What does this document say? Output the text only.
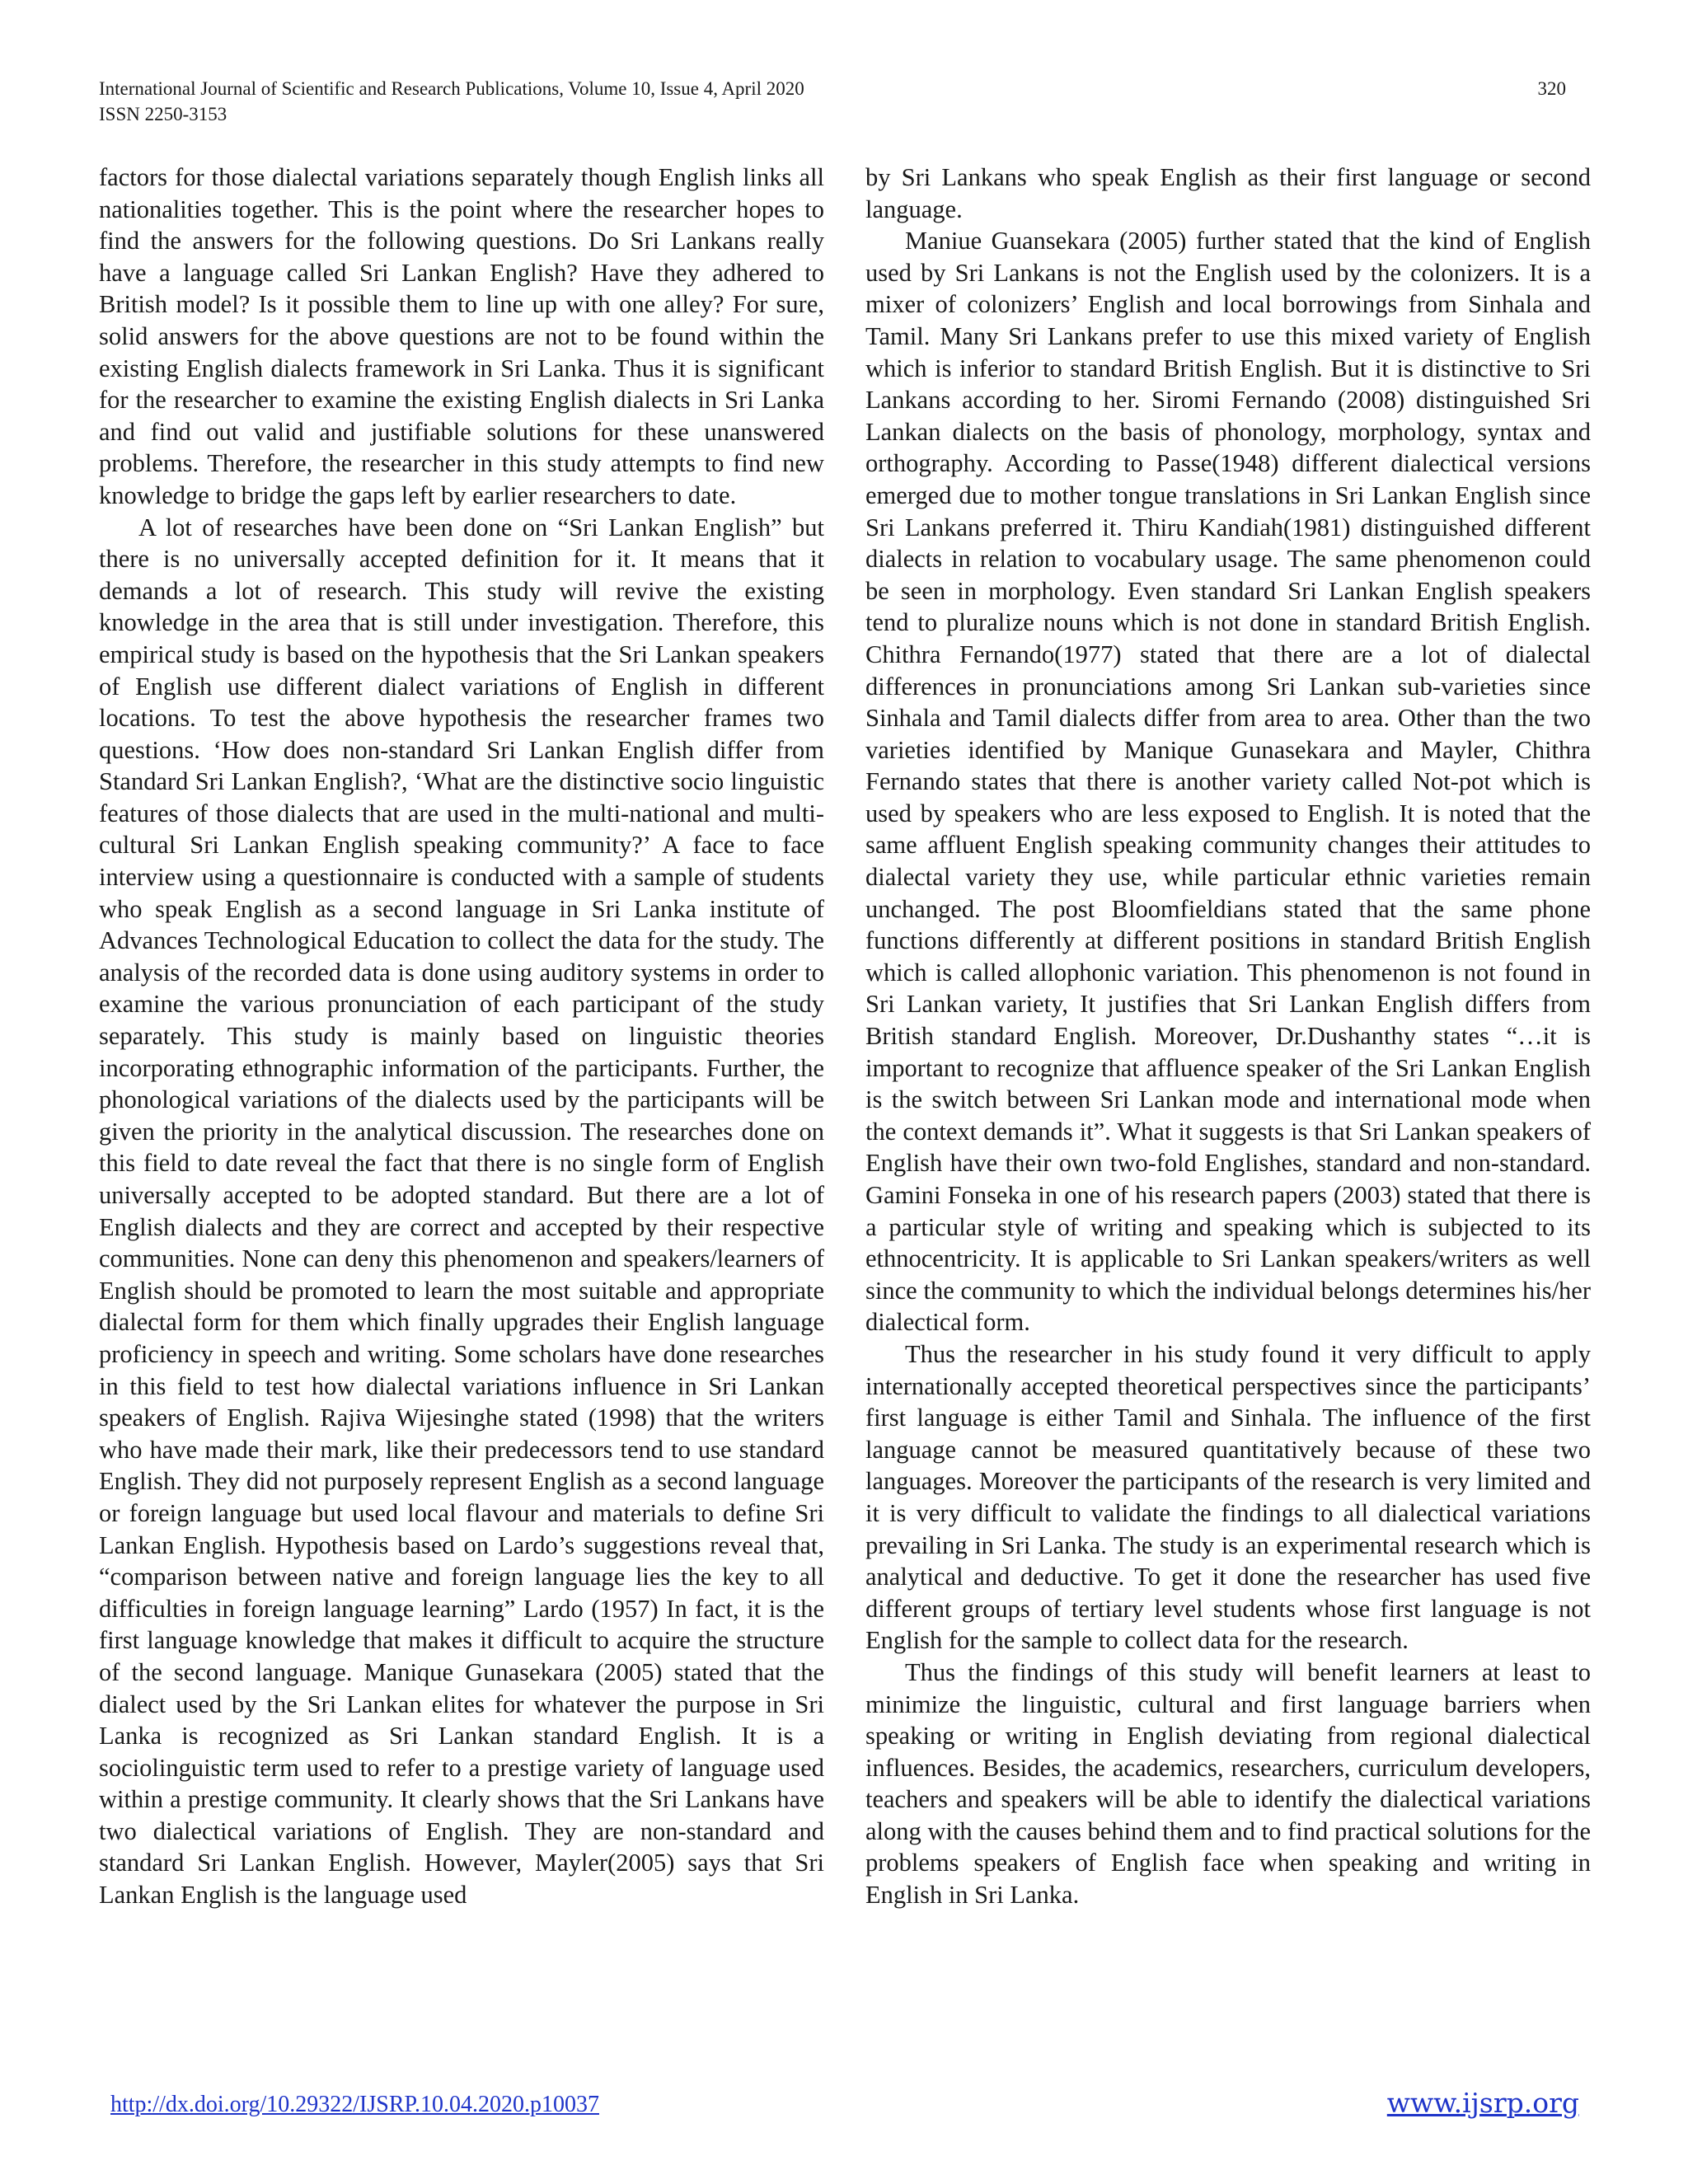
International Journal of Scientific and Research Publications, Volume 10, Issue 4, April 2020
ISSN 2250-3153
320

factors for those dialectal variations separately though English links all nationalities together. This is the point where the researcher hopes to find the answers for the following questions. Do Sri Lankans really have a language called Sri Lankan English? Have they adhered to British model? Is it possible them to line up with one alley? For sure, solid answers for the above questions are not to be found within the existing English dialects framework in Sri Lanka. Thus it is significant for the researcher to examine the existing English dialects in Sri Lanka and find out valid and justifiable solutions for these unanswered problems. Therefore, the researcher in this study attempts to find new knowledge to bridge the gaps left by earlier researchers to date.

A lot of researches have been done on “Sri Lankan English” but there is no universally accepted definition for it. It means that it demands a lot of research. This study will revive the existing knowledge in the area that is still under investigation. Therefore, this empirical study is based on the hypothesis that the Sri Lankan speakers of English use different dialect variations of English in different locations. To test the above hypothesis the researcher frames two questions. ‘How does non-standard Sri Lankan English differ from Standard Sri Lankan English?, ‘What are the distinctive socio linguistic features of those dialects that are used in the multi-national and multi-cultural Sri Lankan English speaking community?’ A face to face interview using a questionnaire is conducted with a sample of students who speak English as a second language in Sri Lanka institute of Advances Technological Education to collect the data for the study. The analysis of the recorded data is done using auditory systems in order to examine the various pronunciation of each participant of the study separately. This study is mainly based on linguistic theories incorporating ethnographic information of the participants. Further, the phonological variations of the dialects used by the participants will be given the priority in the analytical discussion. The researches done on this field to date reveal the fact that there is no single form of English universally accepted to be adopted standard. But there are a lot of English dialects and they are correct and accepted by their respective communities. None can deny this phenomenon and speakers/learners of English should be promoted to learn the most suitable and appropriate dialectal form for them which finally upgrades their English language proficiency in speech and writing. Some scholars have done researches in this field to test how dialectal variations influence in Sri Lankan speakers of English. Rajiva Wijesinghe stated (1998) that the writers who have made their mark, like their predecessors tend to use standard English. They did not purposely represent English as a second language or foreign language but used local flavour and materials to define Sri Lankan English. Hypothesis based on Lardo’s suggestions reveal that, “comparison between native and foreign language lies the key to all difficulties in foreign language learning” Lardo (1957) In fact, it is the first language knowledge that makes it difficult to acquire the structure of the second language. Manique Gunasekara (2005) stated that the dialect used by the Sri Lankan elites for whatever the purpose in Sri Lanka is recognized as Sri Lankan standard English. It is a sociolinguistic term used to refer to a prestige variety of language used within a prestige community. It clearly shows that the Sri Lankans have two dialectical variations of English. They are non-standard and standard Sri Lankan English. However, Mayler(2005) says that Sri Lankan English is the language used

by Sri Lankans who speak English as their first language or second language.

Maniue Guansekara (2005) further stated that the kind of English used by Sri Lankans is not the English used by the colonizers. It is a mixer of colonizers’ English and local borrowings from Sinhala and Tamil. Many Sri Lankans prefer to use this mixed variety of English which is inferior to standard British English. But it is distinctive to Sri Lankans according to her. Siromi Fernando (2008) distinguished Sri Lankan dialects on the basis of phonology, morphology, syntax and orthography. According to Passe(1948) different dialectical versions emerged due to mother tongue translations in Sri Lankan English since Sri Lankans preferred it. Thiru Kandiah(1981) distinguished different dialects in relation to vocabulary usage. The same phenomenon could be seen in morphology. Even standard Sri Lankan English speakers tend to pluralize nouns which is not done in standard British English. Chithra Fernando(1977) stated that there are a lot of dialectal differences in pronunciations among Sri Lankan sub-varieties since Sinhala and Tamil dialects differ from area to area. Other than the two varieties identified by Manique Gunasekara and Mayler, Chithra Fernando states that there is another variety called Not-pot which is used by speakers who are less exposed to English. It is noted that the same affluent English speaking community changes their attitudes to dialectal variety they use, while particular ethnic varieties remain unchanged. The post Bloomfieldians stated that the same phone functions differently at different positions in standard British English which is called allophonic variation. This phenomenon is not found in Sri Lankan variety, It justifies that Sri Lankan English differs from British standard English. Moreover, Dr.Dushanthy states “…it is important to recognize that affluence speaker of the Sri Lankan English is the switch between Sri Lankan mode and international mode when the context demands it”. What it suggests is that Sri Lankan speakers of English have their own two-fold Englishes, standard and non-standard. Gamini Fonseka in one of his research papers (2003) stated that there is a particular style of writing and speaking which is subjected to its ethnocentricity. It is applicable to Sri Lankan speakers/writers as well since the community to which the individual belongs determines his/her dialectical form.

Thus the researcher in his study found it very difficult to apply internationally accepted theoretical perspectives since the participants’ first language is either Tamil and Sinhala. The influence of the first language cannot be measured quantitatively because of these two languages. Moreover the participants of the research is very limited and it is very difficult to validate the findings to all dialectical variations prevailing in Sri Lanka. The study is an experimental research which is analytical and deductive. To get it done the researcher has used five different groups of tertiary level students whose first language is not English for the sample to collect data for the research.

Thus the findings of this study will benefit learners at least to minimize the linguistic, cultural and first language barriers when speaking or writing in English deviating from regional dialectical influences. Besides, the academics, researchers, curriculum developers, teachers and speakers will be able to identify the dialectical variations along with the causes behind them and to find practical solutions for the problems speakers of English face when speaking and writing in English in Sri Lanka.

http://dx.doi.org/10.29322/IJSRP.10.04.2020.p10037	www.ijsrp.org
